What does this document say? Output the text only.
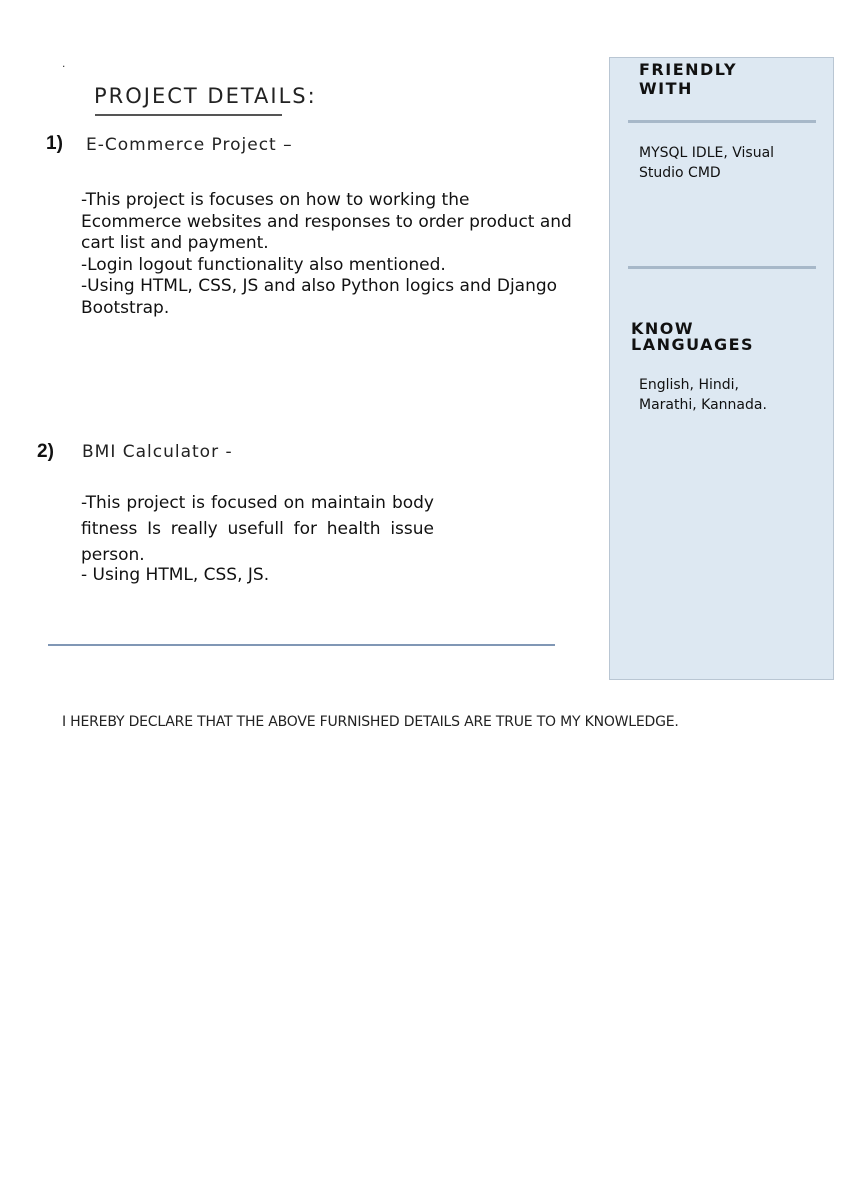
.
PROJECT DETAILS:
1) E-Commerce Project –
-This project is focuses on how to working the
Ecommerce websites and responses to order product and
cart list and payment.
-Login logout functionality also mentioned.
-Using HTML, CSS, JS and also Python logics and Django
Bootstrap.
2) BMI Calculator -
-This project is focused on maintain body
fitness Is really usefull for health issue
person.
- Using HTML, CSS, JS.
FRIENDLY
WITH
MYSQL IDLE, Visual
Studio CMD
KNOW
LANGUAGES
English, Hindi,
Marathi, Kannada.
I HEREBY DECLARE THAT THE ABOVE FURNISHED DETAILS ARE TRUE TO MY KNOWLEDGE.
